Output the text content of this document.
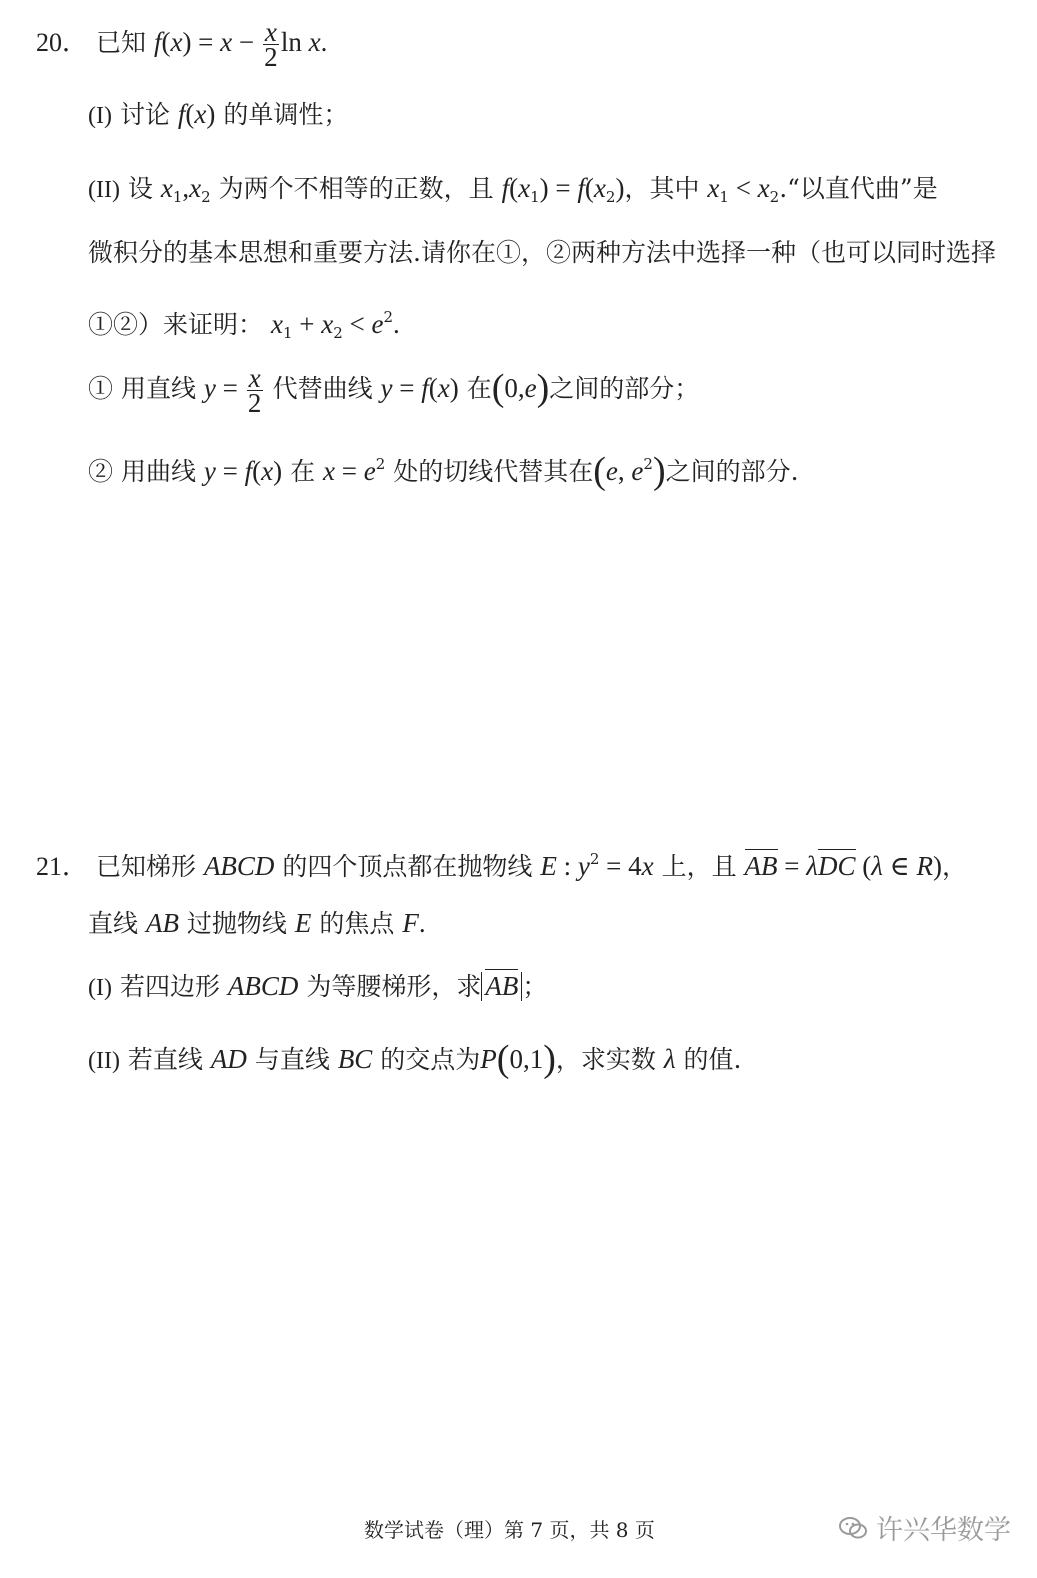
20． 已知 $f(x) = x - \frac{x}{2}$ ln x.
(I) 讨论 f(x) 的单调性；
(II) 设 $x_1,x_2$ 为两个不相等的正数，且 $f(x_1) = f(x_2)$，其中 $x_1$ < $x_2.“$以直代曲”是
微积分的基本思想和重要方法.请你在①，②两种方法中选择一种（也可以同时选择
①②）来证明： $x_1 + x_2 < e^2$.
① 用直线 $y = \frac{x}{2}$ 代替曲线 y = f(x) 在(0,e)之间的部分；
② 用曲线 y = f(x) 在 $x = e^2$ 处的切线代替其在(e, $e^2$)之间的部分.
21． 已知梯形 ABCD 的四个顶点都在抛物线 E : $y^2 = 4x$ 上，且 AB = λDC (λ ∈ R)，
直线 AB 过抛物线 E 的焦点 F.
(I) 若四边形 ABCD 为等腰梯形，求 AB ；
(II) 若直线 AD 与直线 BC 的交点为P(0,1)，求实数 λ 的值.
数学试卷（理）第 7 页，共 8 页	许兴华数学
